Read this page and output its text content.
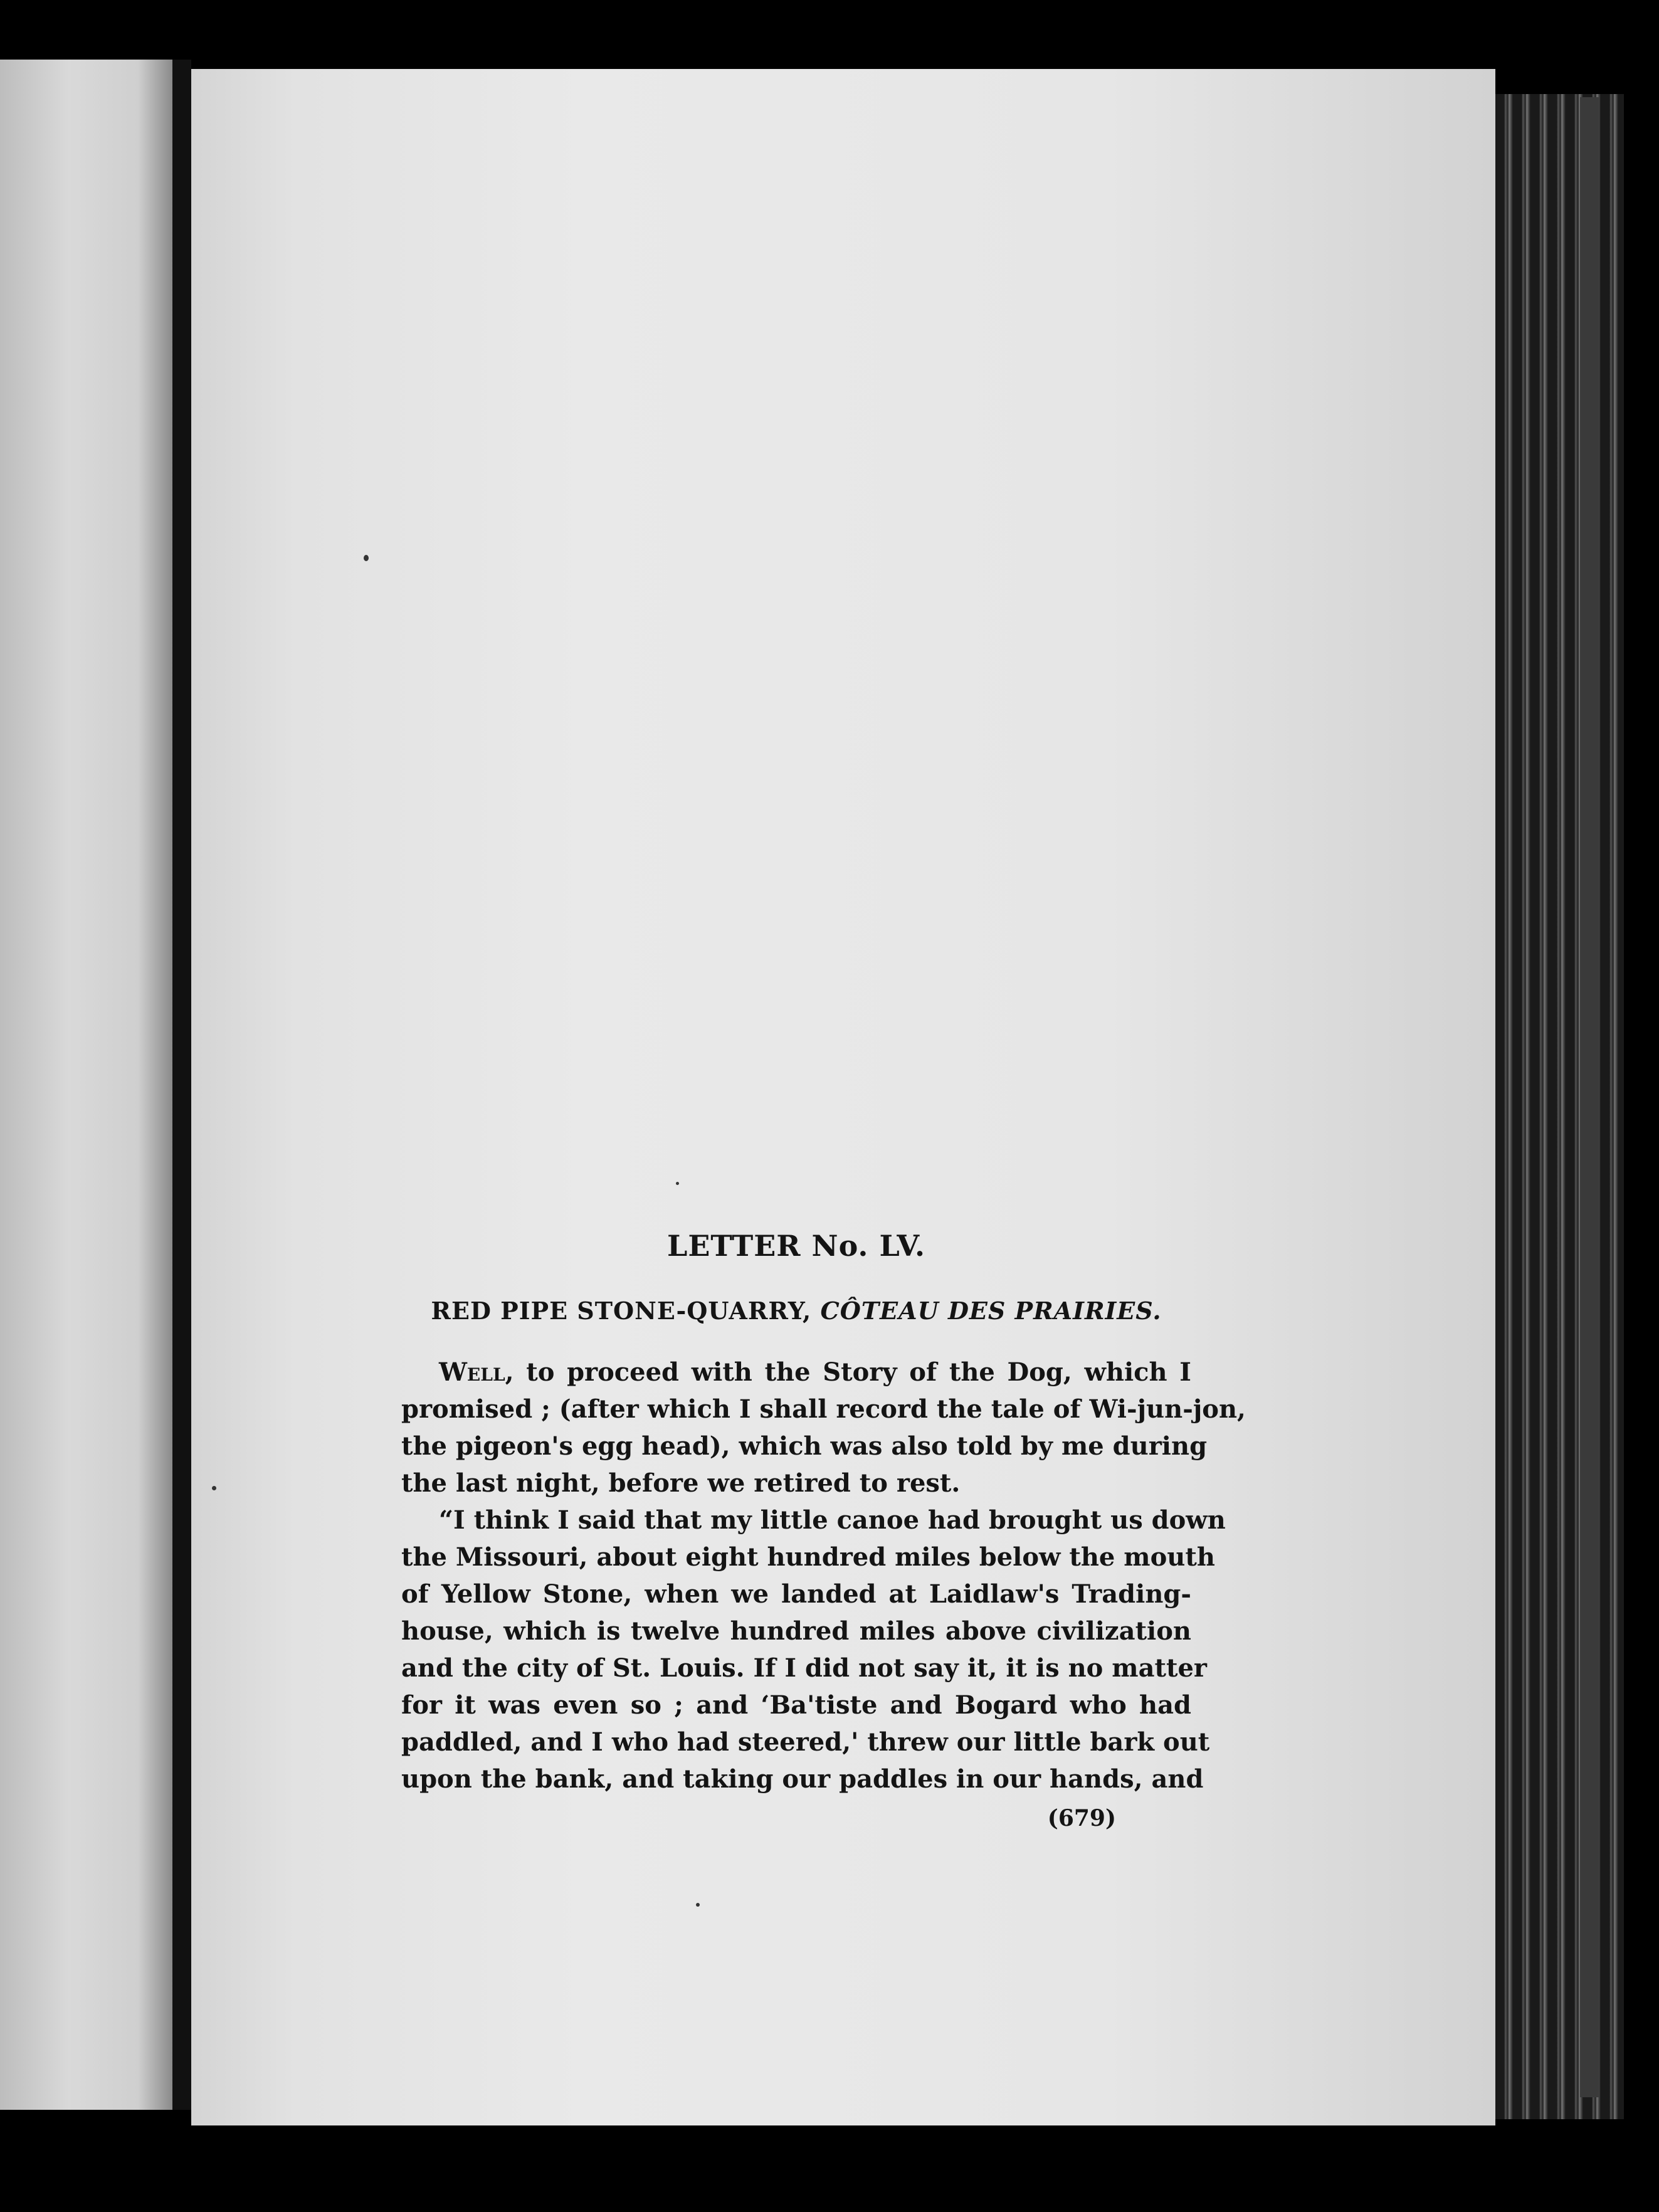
LETTER No. LV.
RED PIPE STONE-QUARRY, CÔTEAU DES PRAIRIES.

Well, to proceed with the Story of the Dog, which I
promised ; (after which I shall record the tale of Wi-jun-jon,
the pigeon's egg head), which was also told by me during
the last night, before we retired to rest.

“I think I said that my little canoe had brought us down
the Missouri, about eight hundred miles below the mouth
of Yellow Stone, when we landed at Laidlaw's Trading-
house, which is twelve hundred miles above civilization
and the city of St. Louis. If I did not say it, it is no matter
for it was even so ; and ‘Ba'tiste and Bogard who had
paddled, and I who had steered,' threw our little bark out
upon the bank, and taking our paddles in our hands, and

(679)
